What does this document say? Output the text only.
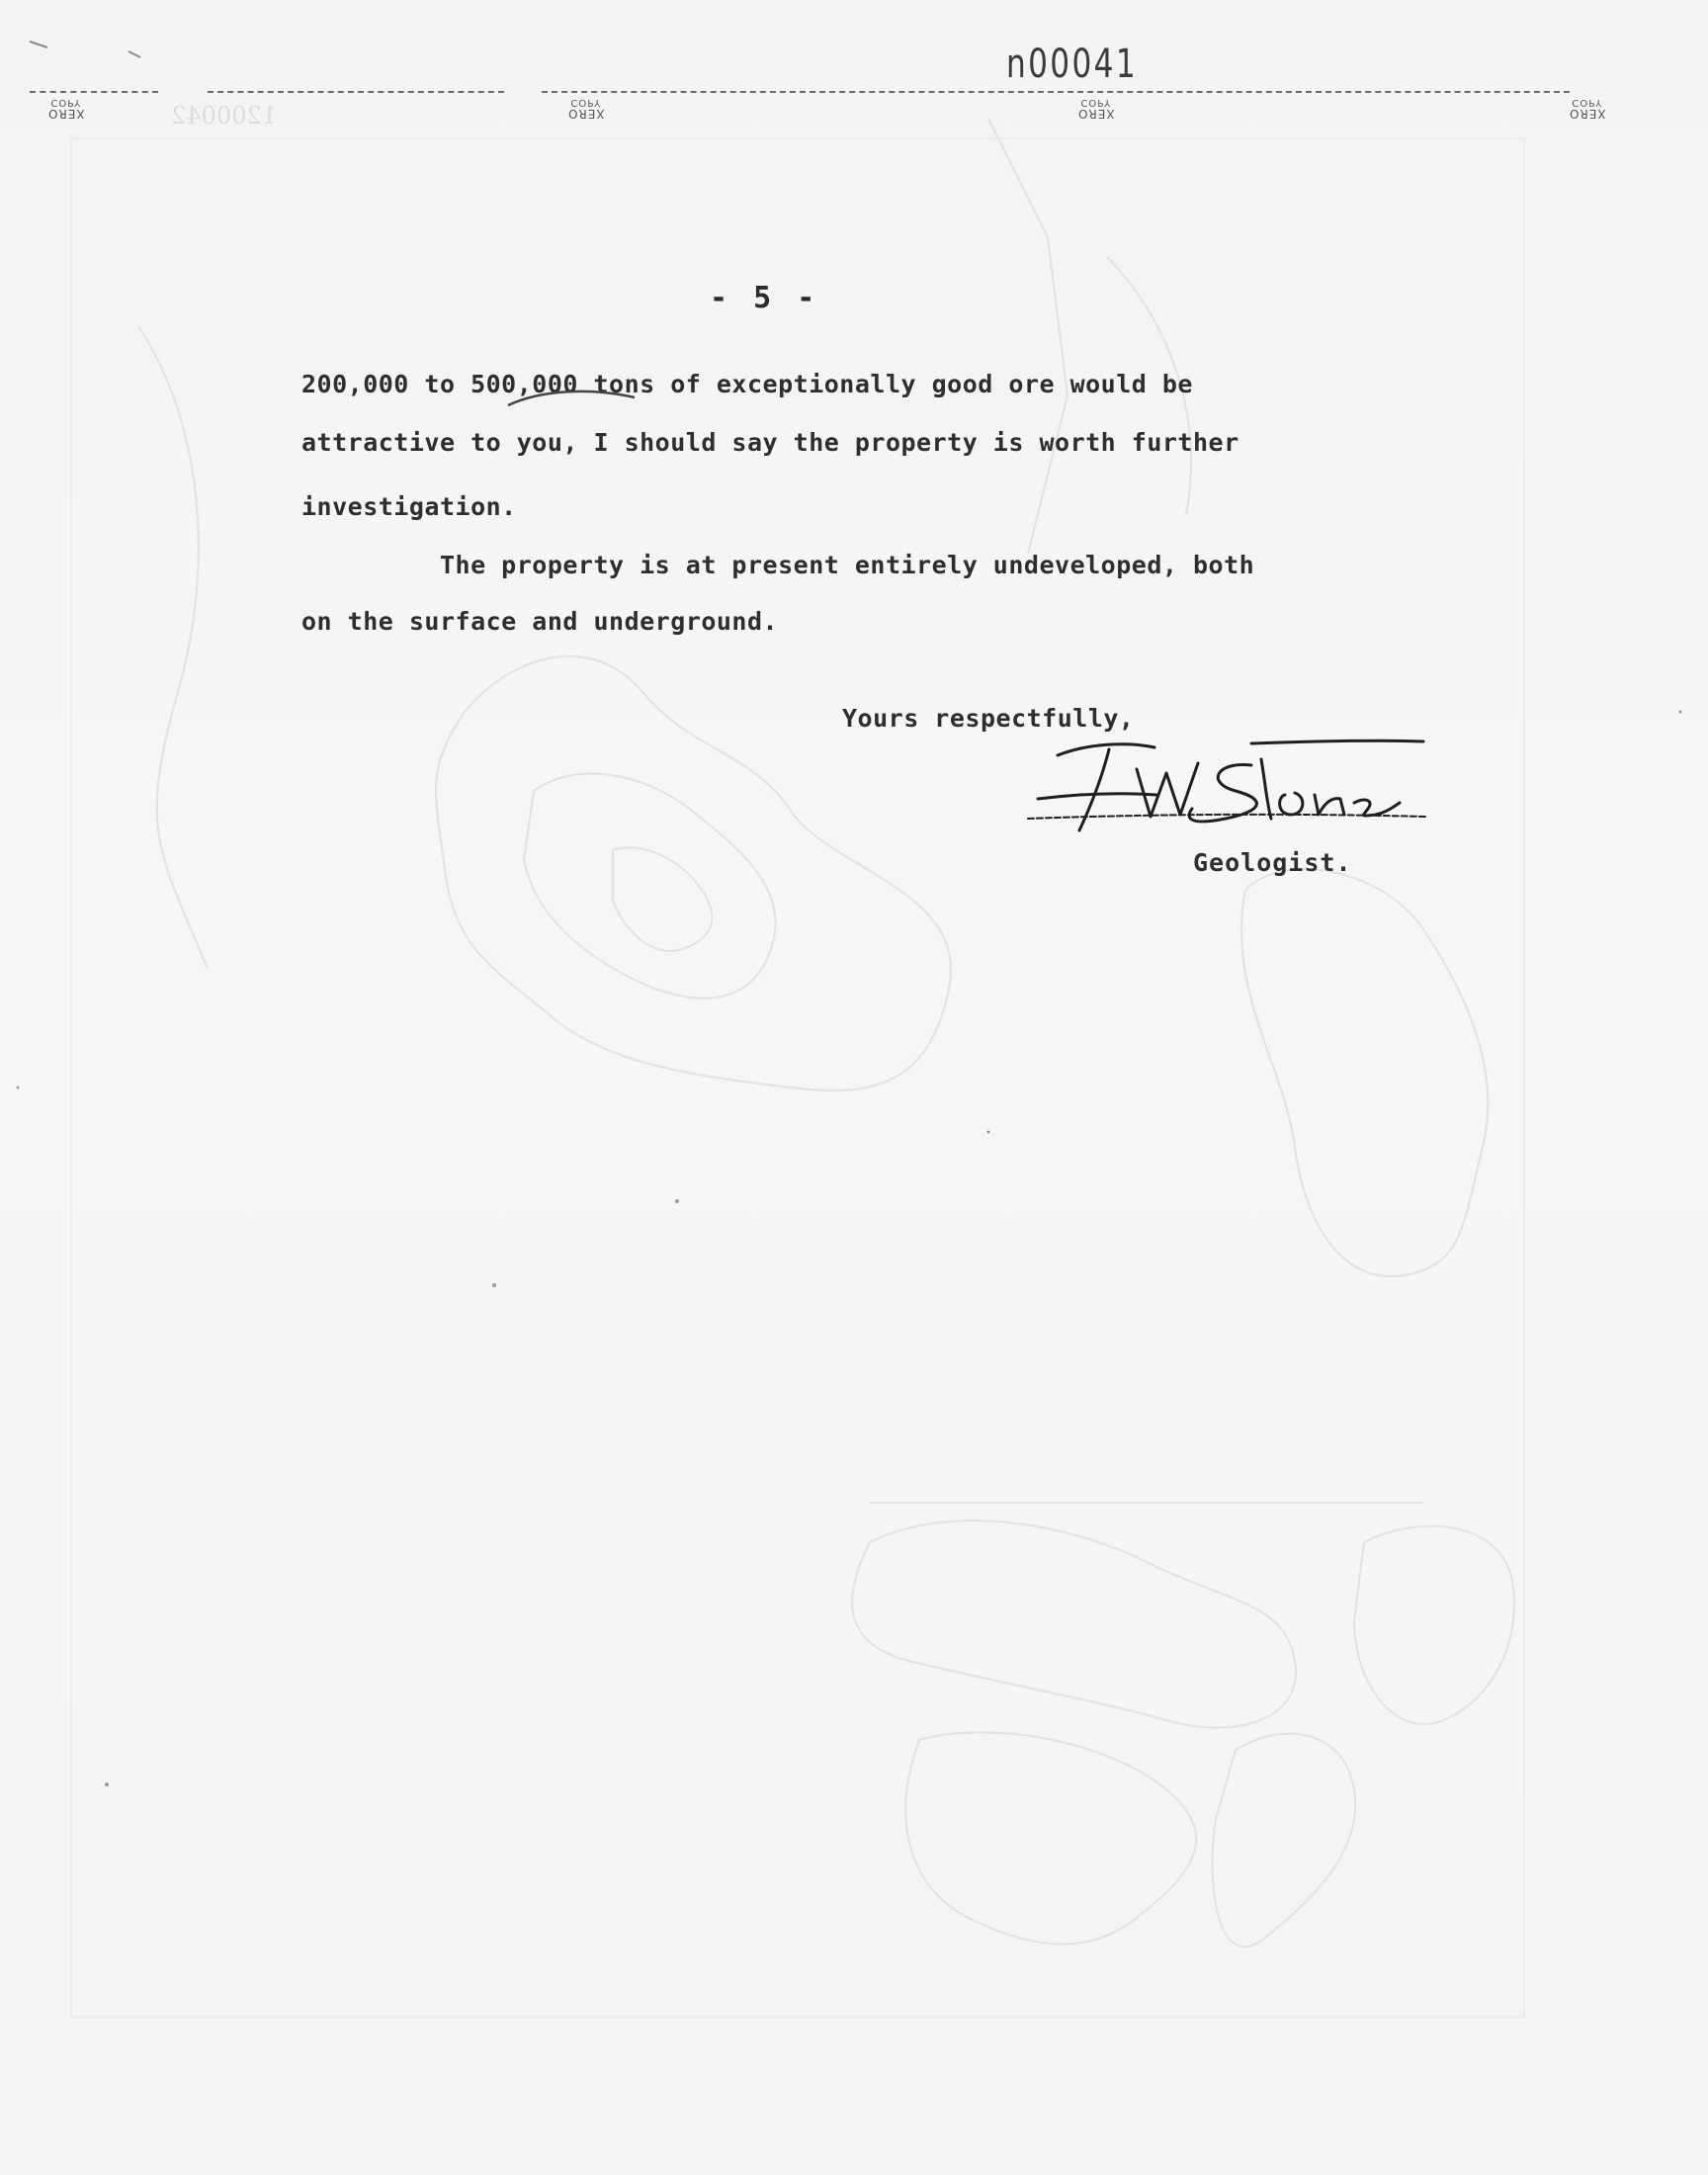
1200042
COPY
XERO
COPY
XERO
COPY
XERO
COPY
XERO
n00041
- 5 -
200,000 to 500,000 tons of exceptionally good ore would be
attractive to you, I should say the property is worth further
investigation.
The property is at present entirely undeveloped, both
on the surface and underground.
Yours respectfully,
Geologist.
